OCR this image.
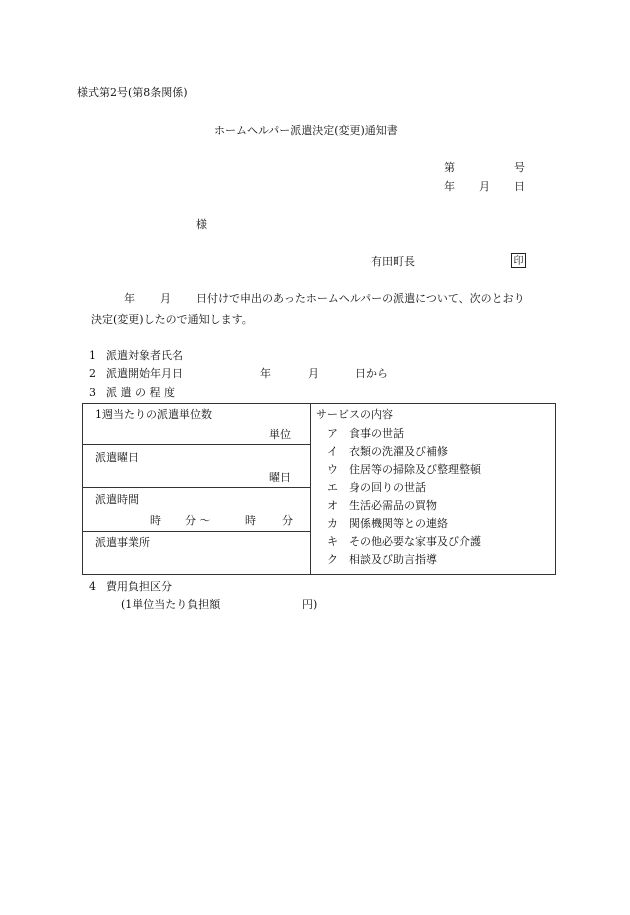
様式第2号(第8条関係)
ホームヘルパー派遣決定(変更)通知書
第	号
年 月 日
様
有田町長	印
年 月 日付けで申出のあったホームヘルパーの派遣について、次のとおり
決定(変更)したので通知します。
1 派遣対象者氏名
2 派遣開始年月日	年	月	日から
3 派 遣 の 程 度
1週当たりの派遣単位数
単位
派遣曜日
曜日
派遣時間
時 分 ～	時 分
派遣事業所
サービスの内容
ア 食事の世話
イ 衣類の洗濯及び補修
ウ 住居等の掃除及び整理整頓
エ 身の回りの世話
オ 生活必需品の買物
カ 関係機関等との連絡
キ その他必要な家事及び介護
ク 相談及び助言指導
4 費用負担区分
(1単位当たり負担額	円)
